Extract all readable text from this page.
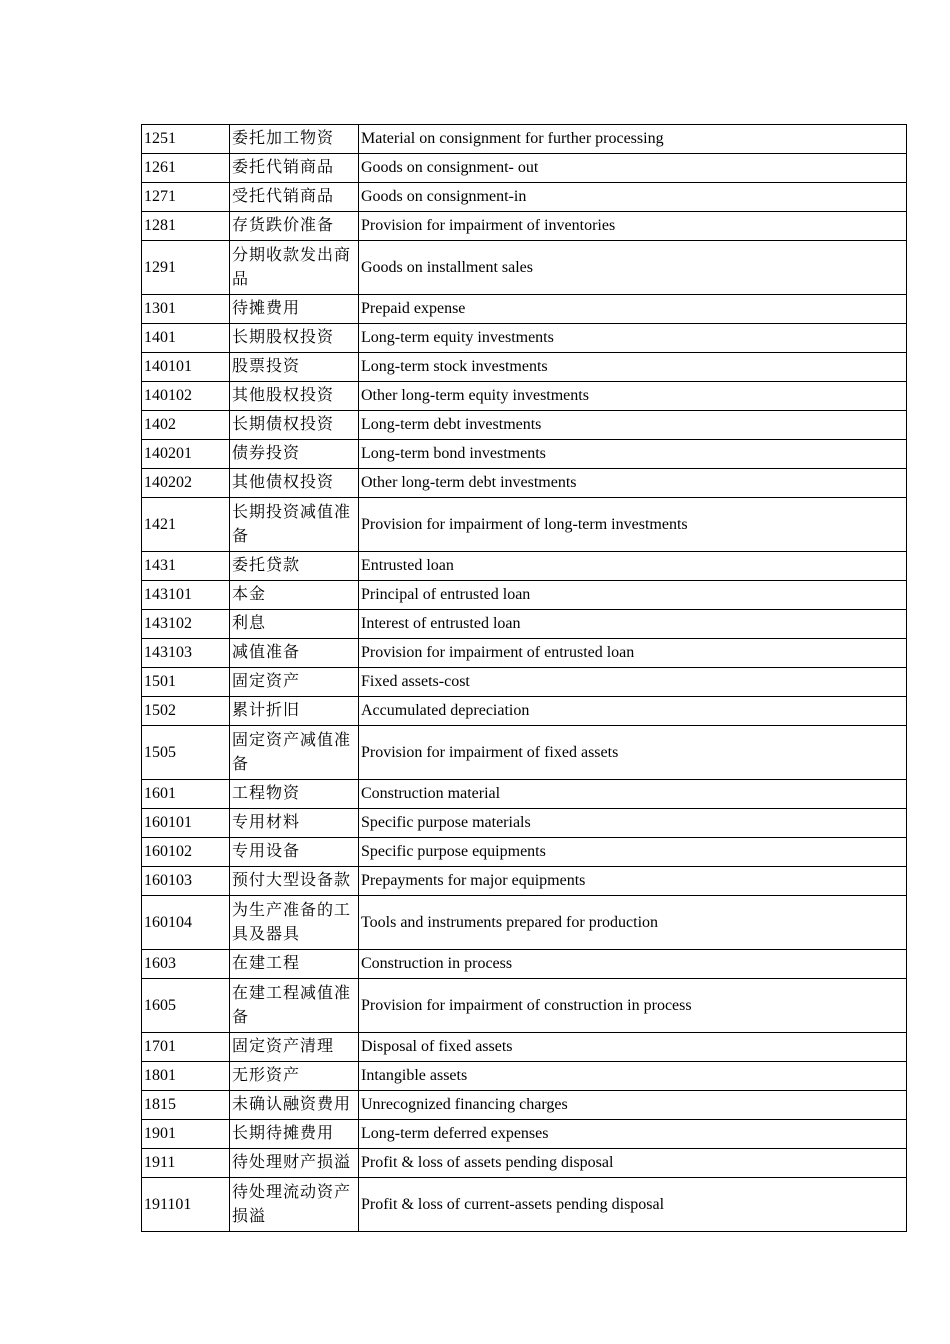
1251	委托加工物资	Material on consignment for further processing
1261	委托代销商品	Goods on consignment- out
1271	受托代销商品	Goods on consignment-in
1281	存货跌价准备	Provision for impairment of inventories
1291	分期收款发出商品	Goods on installment sales
1301	待摊费用	Prepaid expense
1401	长期股权投资	Long-term equity investments
140101	股票投资	Long-term stock investments
140102	其他股权投资	Other long-term equity investments
1402	长期债权投资	Long-term debt investments
140201	债券投资	Long-term bond investments
140202	其他债权投资	Other long-term debt investments
1421	长期投资减值准备	Provision for impairment of long-term investments
1431	委托贷款	Entrusted loan
143101	本金	Principal of entrusted loan
143102	利息	Interest of entrusted loan
143103	减值准备	Provision for impairment of entrusted loan
1501	固定资产	Fixed assets-cost
1502	累计折旧	Accumulated depreciation
1505	固定资产减值准备	Provision for impairment of fixed assets
1601	工程物资	Construction material
160101	专用材料	Specific purpose materials
160102	专用设备	Specific purpose equipments
160103	预付大型设备款	Prepayments for major equipments
160104	为生产准备的工具及器具	Tools and instruments prepared for production
1603	在建工程	Construction in process
1605	在建工程减值准备	Provision for impairment of construction in process
1701	固定资产清理	Disposal of fixed assets
1801	无形资产	Intangible assets
1815	未确认融资费用	Unrecognized financing charges
1901	长期待摊费用	Long-term deferred expenses
1911	待处理财产损溢	Profit & loss of assets pending disposal
191101	待处理流动资产损溢	Profit & loss of current-assets pending disposal
